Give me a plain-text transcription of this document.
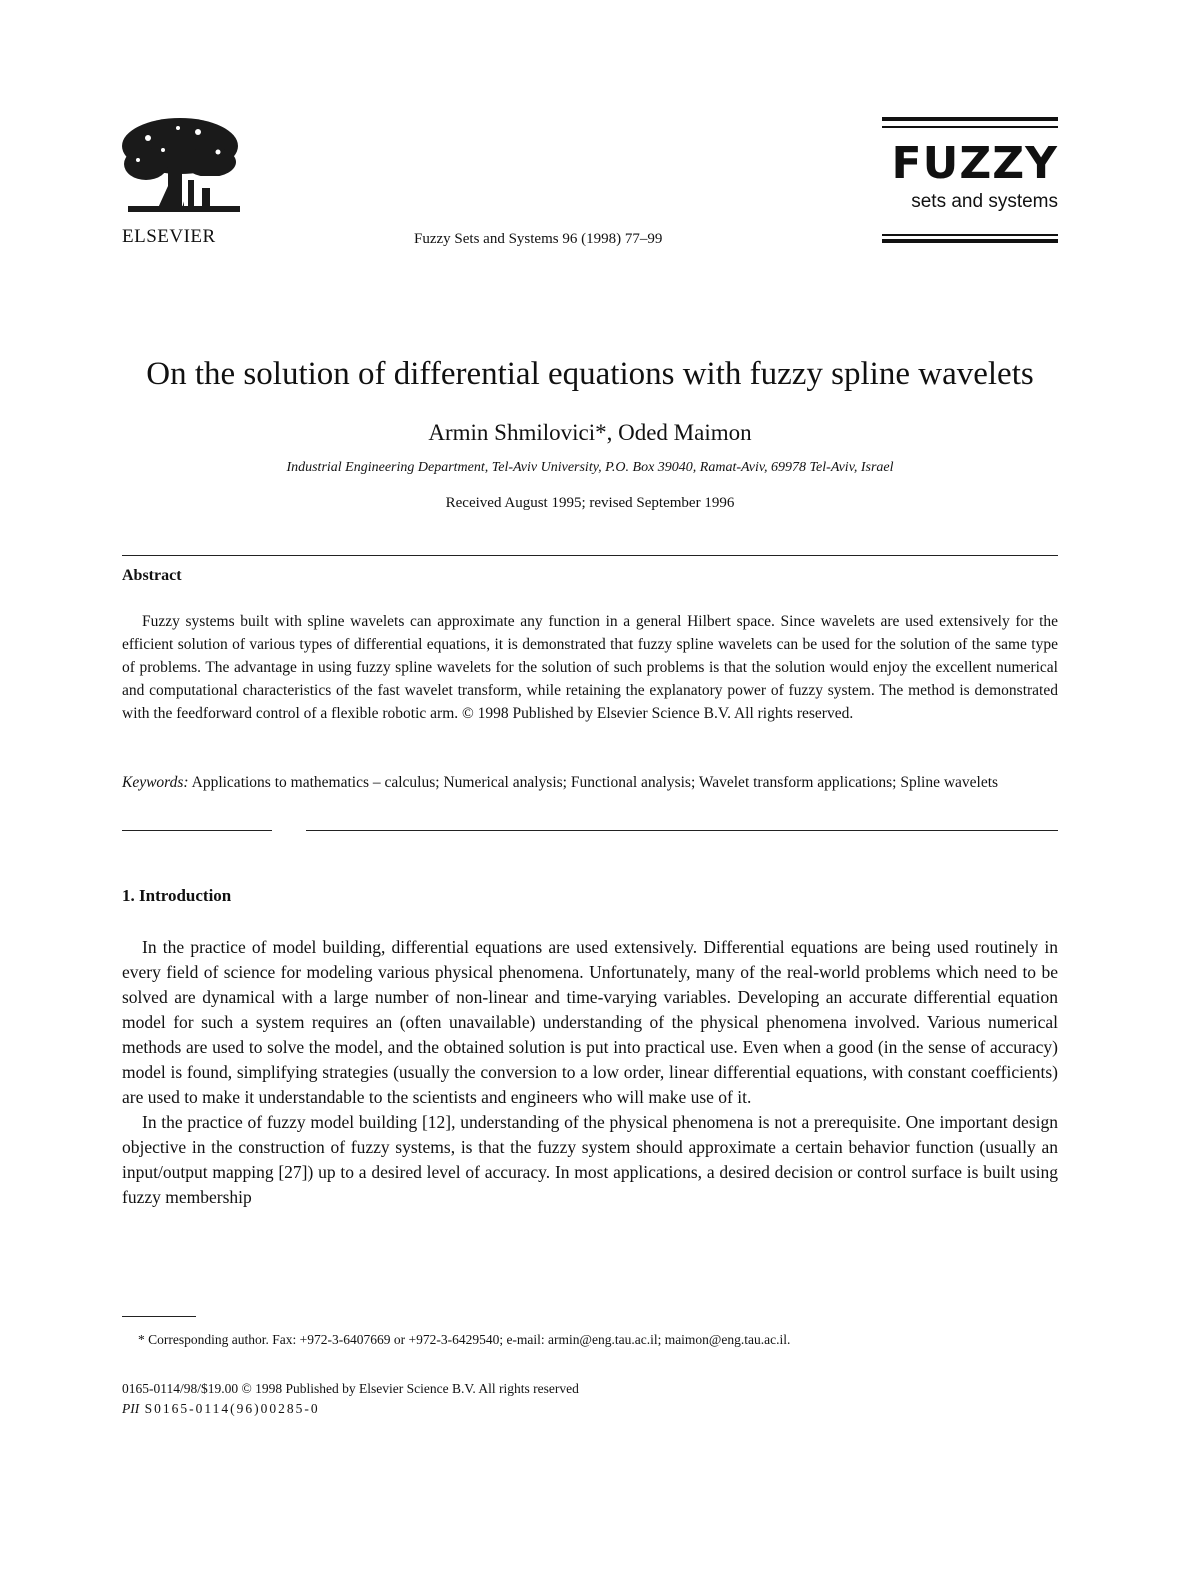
ELSEVIER	Fuzzy Sets and Systems 96 (1998) 77–99
FUZZY
sets and systems
On the solution of differential equations with fuzzy spline wavelets
Armin Shmilovici*, Oded Maimon
Industrial Engineering Department, Tel-Aviv University, P.O. Box 39040, Ramat-Aviv, 69978 Tel-Aviv, Israel
Received August 1995; revised September 1996
Abstract
Fuzzy systems built with spline wavelets can approximate any function in a general Hilbert space. Since wavelets are used extensively for the efficient solution of various types of differential equations, it is demonstrated that fuzzy spline wavelets can be used for the solution of the same type of problems. The advantage in using fuzzy spline wavelets for the solution of such problems is that the solution would enjoy the excellent numerical and computational characteristics of the fast wavelet transform, while retaining the explanatory power of fuzzy system. The method is demonstrated with the feedforward control of a flexible robotic arm. © 1998 Published by Elsevier Science B.V. All rights reserved.
Keywords: Applications to mathematics – calculus; Numerical analysis; Functional analysis; Wavelet transform applications; Spline wavelets
1. Introduction

In the practice of model building, differential equations are used extensively. Differential equations are being used routinely in every field of science for modeling various physical phenomena. Unfortunately, many of the real-world problems which need to be solved are dynamical with a large number of non-linear and time-varying variables. Developing an accurate differential equation model for such a system requires an (often unavailable) understanding of the physical phenomena involved. Various numerical methods are used to solve the model, and the obtained solution is put into practical use. Even when a good (in the sense of accuracy) model is found, simplifying strategies (usually the conversion to a low order, linear differential equations, with constant coefficients) are used to make it understandable to the scientists and engineers who will make use of it.

In the practice of fuzzy model building [12], understanding of the physical phenomena is not a prerequisite. One important design objective in the construction of fuzzy systems, is that the fuzzy system should approximate a certain behavior function (usually an input/output mapping [27]) up to a desired level of accuracy. In most applications, a desired decision or control surface is built using fuzzy membership

* Corresponding author. Fax: +972-3-6407669 or +972-3-6429540; e-mail: armin@eng.tau.ac.il; maimon@eng.tau.ac.il.
0165-0114/98/$19.00 © 1998 Published by Elsevier Science B.V. All rights reserved
PII S0165-0114(96)00285-0
